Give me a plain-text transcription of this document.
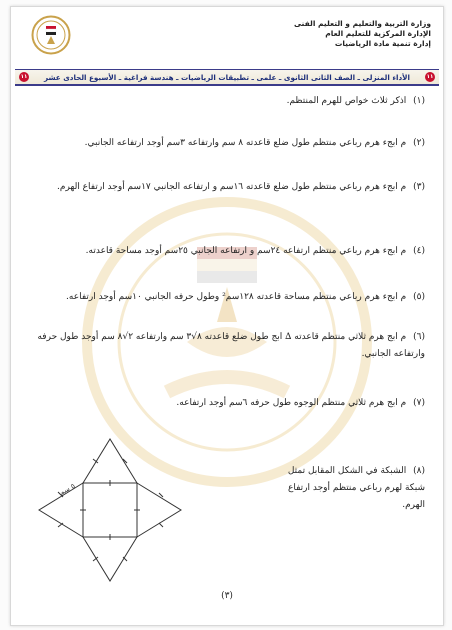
وزارة التربية والتعليم و التعليم الفنى
الإدارة المركزية للتعليم العام
إدارة تنمية مادة الرياضيات
١١
الأداء المنزلى ـ الصف الثانى الثانوى ـ علمى ـ تطبيقات الرياضيات ـ هندسة فراغية ـ الأسبوع الحادى عشر
١١
(١) اذكر ثلاث خواص للهرم المنتظم.
(٢) م ابجء هرم رباعي منتظم طول ضلع قاعدته ٨ سم وارتفاعه ٣سم أوجد ارتفاعه الجانبي.
(٣) م ابجء هرم رباعي منتظم طول ضلع قاعدته ١٦سم و ارتفاعه الجانبي ١٧سم أوجد ارتفاع الهرم.
(٤) م ابجء هرم رباعي منتظم ارتفاعه ٢٤سم و ارتفاعه الجانبي ٢٥سم أوجد مساحة قاعدته.
(٥) م ابجء هرم رباعي منتظم مساحة قاعدته ١٢٨سم² وطول حرفه الجانبي ١٠سم أوجد ارتفاعه.
(٦) م ابج هرم ثلاثي منتظم قاعدته ∆ ابج طول ضلع قاعدته ٨√٣ سم وارتفاعه ٢√٨ سم أوجد طول حرفه وارتفاعه الجانبي.
(٧) م ابج هرم ثلاثي منتظم الوجوه طول حرفه ٦سم أوجد ارتفاعه.
(٨) الشبكة في الشكل المقابل تمثل شبكة لهرم رباعي منتظم أوجد ارتفاع الهرم.
٥ سم
(٣)
